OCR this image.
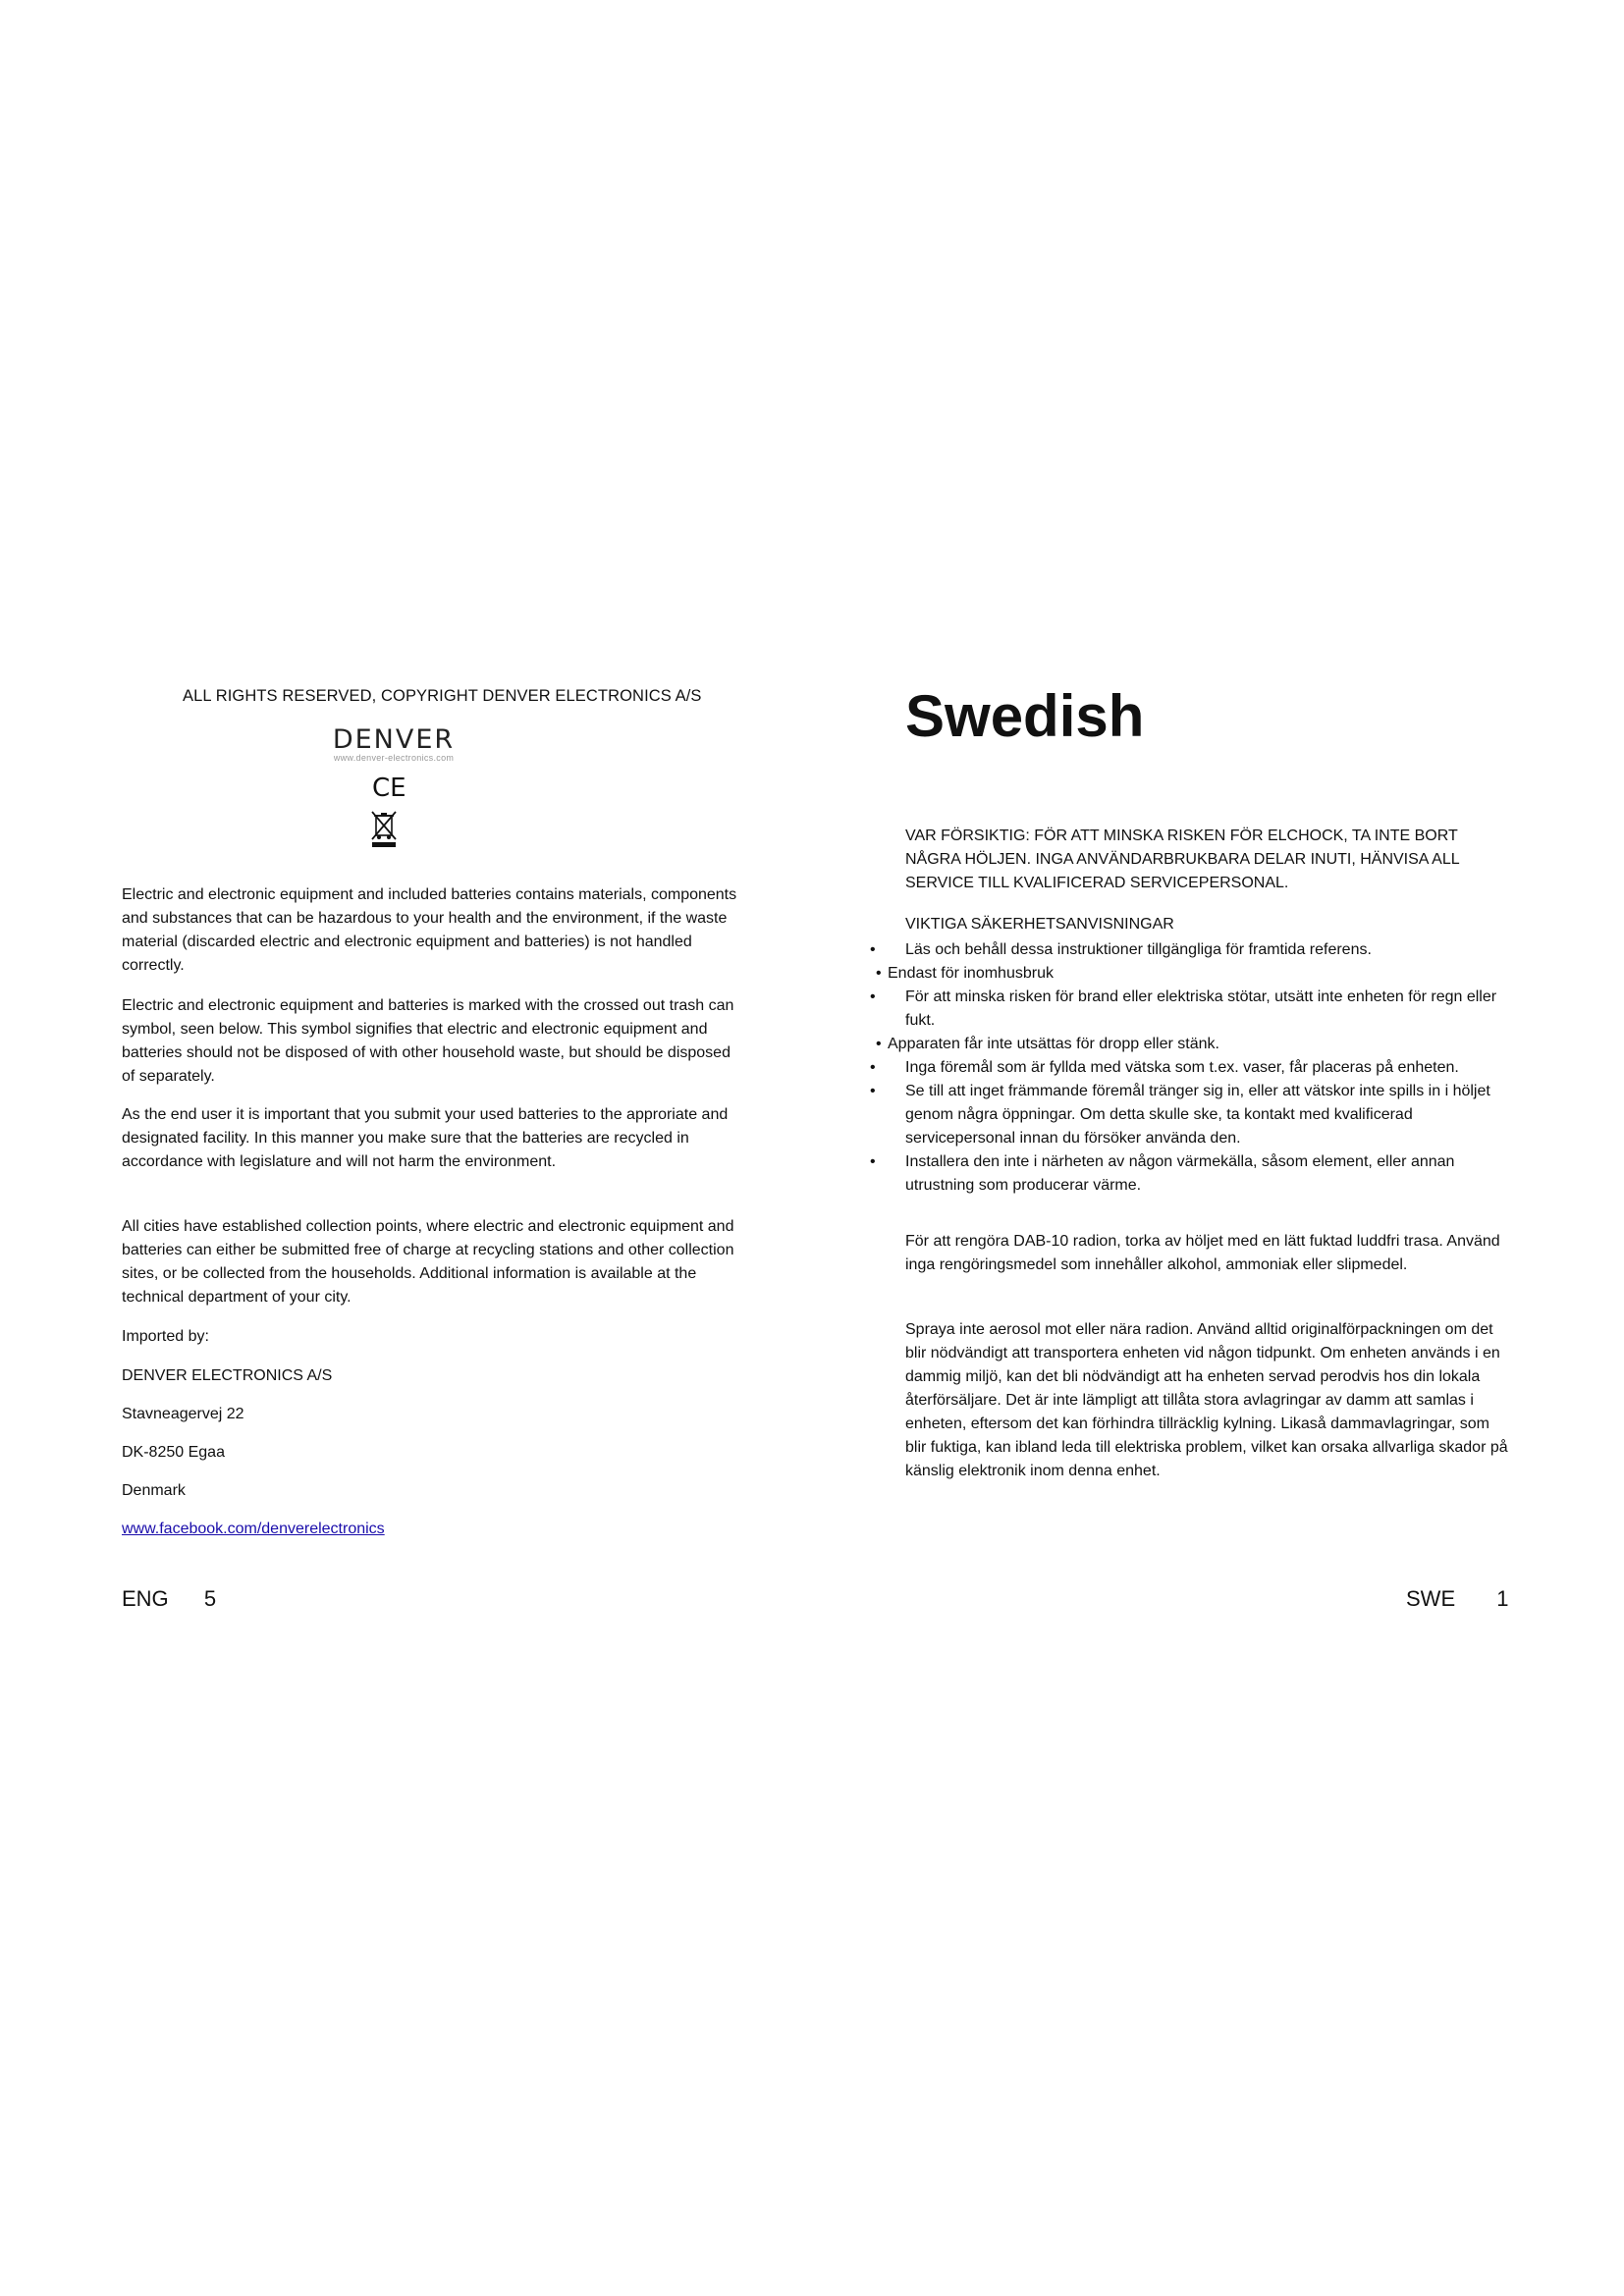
ALL RIGHTS RESERVED, COPYRIGHT DENVER ELECTRONICS A/S
DENVER
www.denver-electronics.com
CE

Electric and electronic equipment and included batteries contains materials, components and substances that can be hazardous to your health and the environment, if the waste material (discarded electric and electronic equipment and batteries) is not handled correctly.

Electric and electronic equipment and batteries is marked with the crossed out trash can symbol, seen below. This symbol signifies that electric and electronic equipment and batteries should not be disposed of with other household waste, but should be disposed of separately.

As the end user it is important that you submit your used batteries to the approriate and designated facility. In this manner you make sure that the batteries are recycled in accordance with legislature and will not harm the environment.

All cities have established collection points, where electric and electronic equipment and batteries can either be submitted free of charge at recycling stations and other collection sites, or be collected from the households. Additional information is available at the technical department of your city.

Imported by:

DENVER ELECTRONICS A/S

Stavneagervej 22

DK-8250 Egaa

Denmark

www.facebook.com/denverelectronics

ENG 5
Swedish

VAR FÖRSIKTIG: FÖR ATT MINSKA RISKEN FÖR ELCHOCK, TA INTE BORT NÅGRA HÖLJEN. INGA ANVÄNDARBRUKBARA DELAR INUTI, HÄNVISA ALL SERVICE TILL KVALIFICERAD SERVICEPERSONAL.

VIKTIGA SÄKERHETSANVISNINGAR

• Läs och behåll dessa instruktioner tillgängliga för framtida referens.
• Endast för inomhusbruk
• För att minska risken för brand eller elektriska stötar, utsätt inte enheten för regn eller fukt.
• Apparaten får inte utsättas för dropp eller stänk.
• Inga föremål som är fyllda med vätska som t.ex. vaser, får placeras på enheten.
• Se till att inget främmande föremål tränger sig in, eller att vätskor inte spills in i höljet genom några öppningar. Om detta skulle ske, ta kontakt med kvalificerad servicepersonal innan du försöker använda den.
• Installera den inte i närheten av någon värmekälla, såsom element, eller annan utrustning som producerar värme.

För att rengöra DAB-10 radion, torka av höljet med en lätt fuktad luddfri trasa. Använd inga rengöringsmedel som innehåller alkohol, ammoniak eller slipmedel.

Spraya inte aerosol mot eller nära radion. Använd alltid originalförpackningen om det blir nödvändigt att transportera enheten vid någon tidpunkt. Om enheten används i en dammig miljö, kan det bli nödvändigt att ha enheten servad perodvis hos din lokala återförsäljare. Det är inte lämpligt att tillåta stora avlagringar av damm att samlas i enheten, eftersom det kan förhindra tillräcklig kylning. Likaså dammavlagringar, som blir fuktiga, kan ibland leda till elektriska problem, vilket kan orsaka allvarliga skador på känslig elektronik inom denna enhet.

SWE 1
